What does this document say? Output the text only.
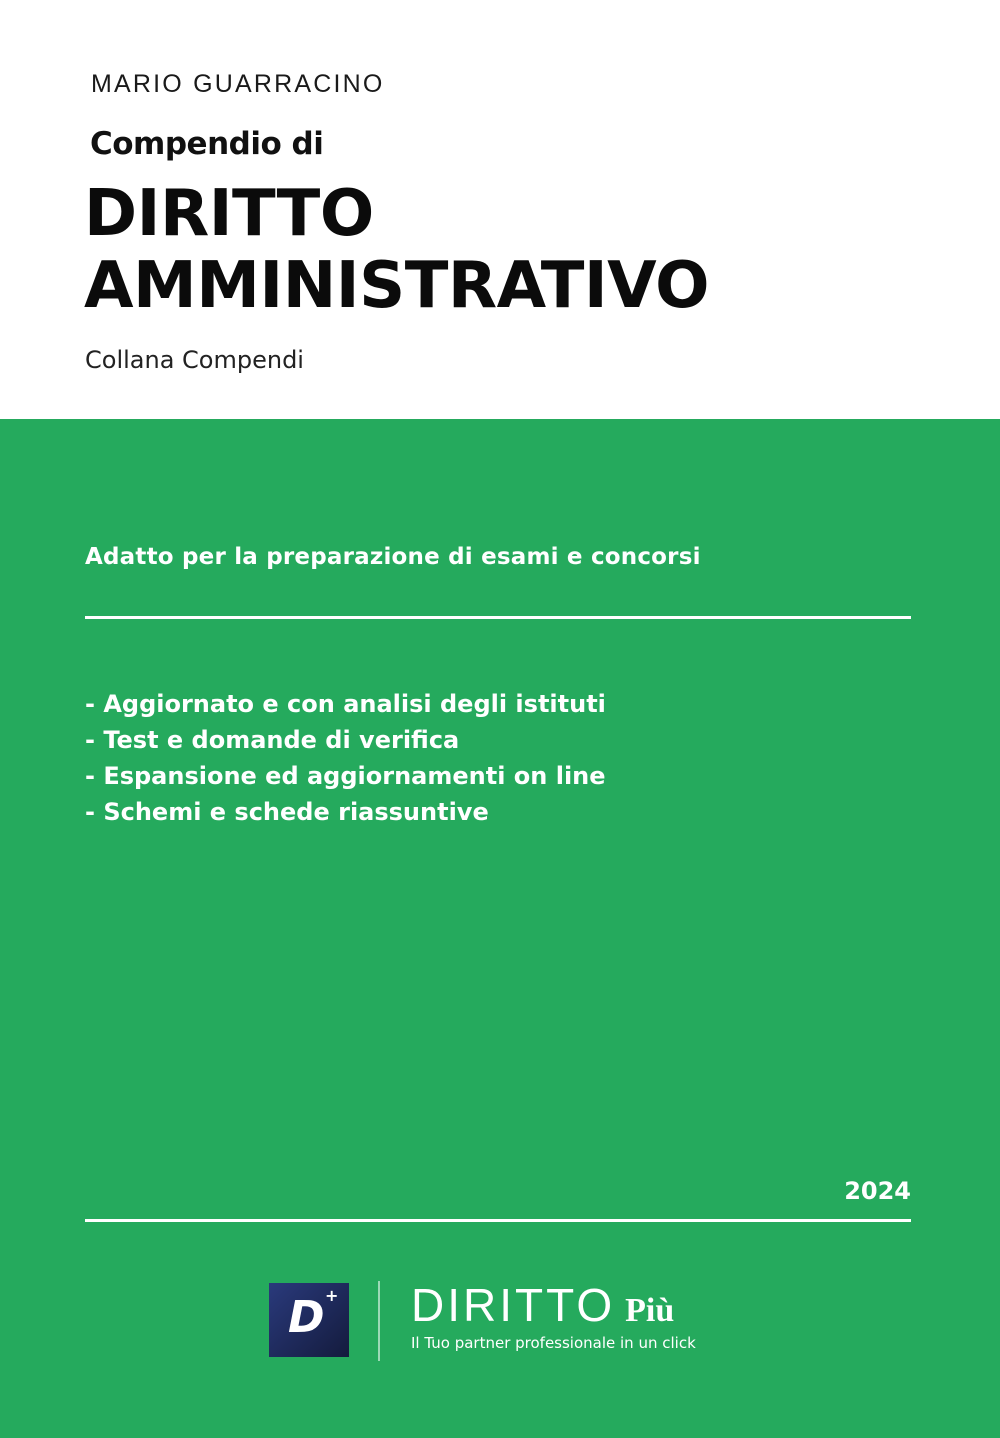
MARIO GUARRACINO
Compendio di
DIRITTO
AMMINISTRATIVO
Collana Compendi
Adatto per la preparazione di esami e concorsi
- Aggiornato e con analisi degli istituti
- Test e domande di verifica
- Espansione ed aggiornamenti on line
- Schemi e schede riassuntive
2024
D + DIRITTO Più
Il Tuo partner professionale in un click
